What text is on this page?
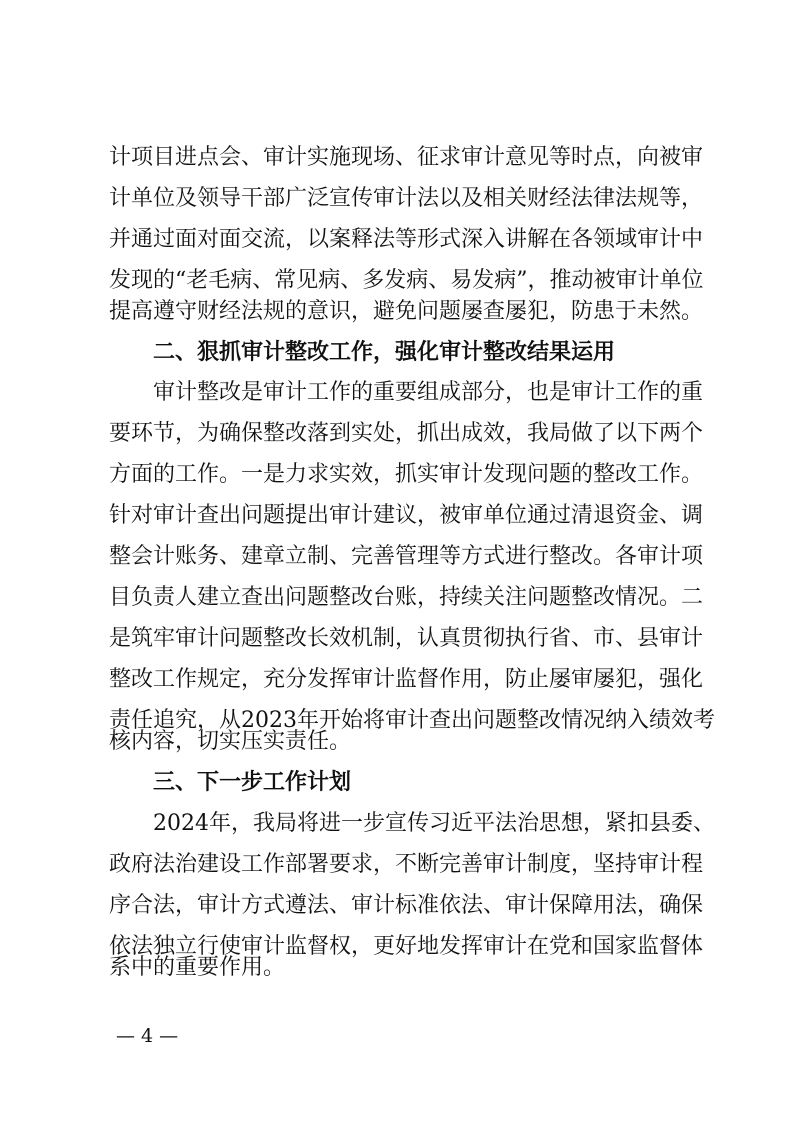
计项目进点会、审计实施现场、征求审计意见等时点，向被审
计单位及领导干部广泛宣传审计法以及相关财经法律法规等，
并通过面对面交流，以案释法等形式深入讲解在各领域审计中
发现的“老毛病、常见病、多发病、易发病”，推动被审计单位
提高遵守财经法规的意识，避免问题屡查屡犯，防患于未然。
二、狠抓审计整改工作，强化审计整改结果运用
审计整改是审计工作的重要组成部分，也是审计工作的重
要环节，为确保整改落到实处，抓出成效，我局做了以下两个
方面的工作。一是力求实效，抓实审计发现问题的整改工作。
针对审计查出问题提出审计建议，被审单位通过清退资金、调
整会计账务、建章立制、完善管理等方式进行整改。各审计项
目负责人建立查出问题整改台账，持续关注问题整改情况。二
是筑牢审计问题整改长效机制，认真贯彻执行省、市、县审计
整改工作规定，充分发挥审计监督作用，防止屡审屡犯，强化
责任追究，从2023年开始将审计查出问题整改情况纳入绩效考
核内容，切实压实责任。
三、下一步工作计划
2024年，我局将进一步宣传习近平法治思想，紧扣县委、
政府法治建设工作部署要求，不断完善审计制度，坚持审计程
序合法，审计方式遵法、审计标准依法、审计保障用法，确保
依法独立行使审计监督权，更好地发挥审计在党和国家监督体
系中的重要作用。
— 4 —
